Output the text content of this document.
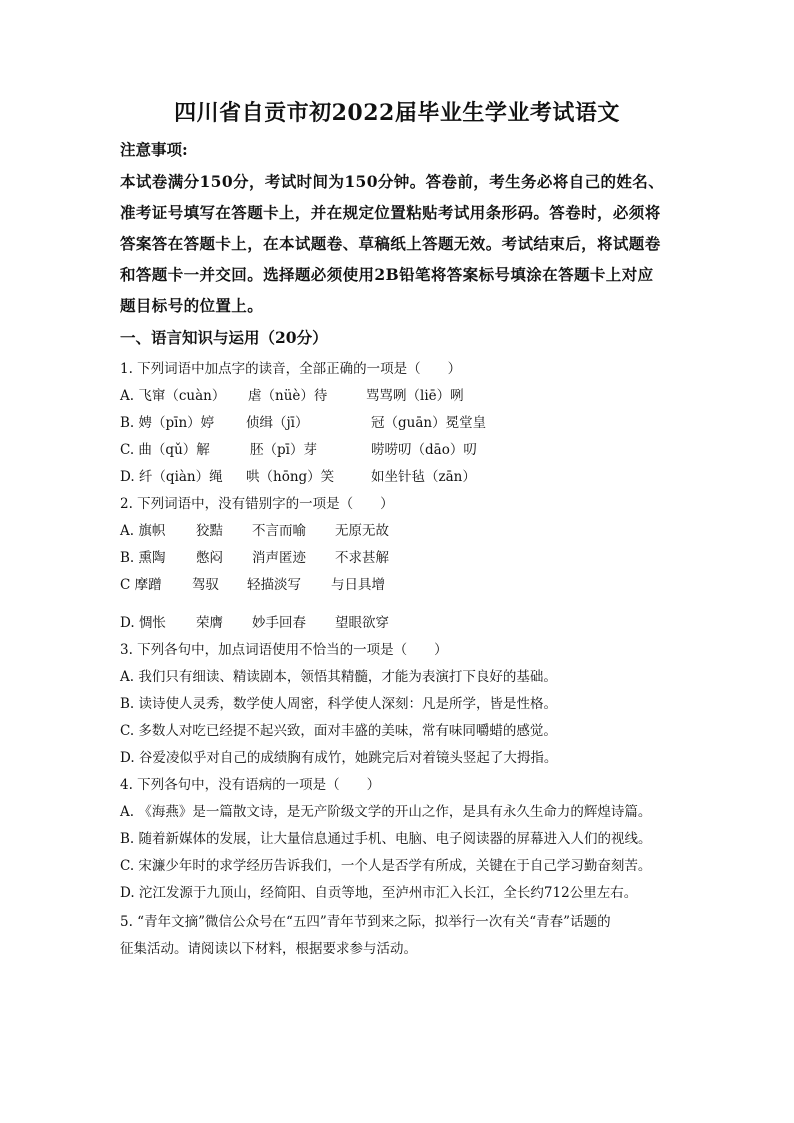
四川省自贡市初2022届毕业生学业考试语文
注意事项:
本试卷满分150分，考试时间为150分钟。答卷前，考生务必将自己的姓名、
准考证号填写在答题卡上，并在规定位置粘贴考试用条形码。答卷时，必须将
答案答在答题卡上，在本试题卷、草稿纸上答题无效。考试结束后，将试题卷
和答题卡一并交回。选择题必须使用2B铅笔将答案标号填涂在答题卡上对应
题目标号的位置上。
一、语言知识与运用（20分）
1. 下列词语中加点字的读音，全部正确的一项是（　　）
A. 飞窜（cuàn） 虐（nüè）待	骂骂咧（liē）咧
B. 娉（pīn）婷 侦缉（jī）	冠（guān）冕堂皇
C. 曲（qǔ）解	胚（pī）芽	唠唠叨（dāo）叨
D. 纤（qiàn）绳 哄（hōng）笑	如坐针毡（zān）
2. 下列词语中，没有错别字的一项是（　　）
A. 旗帜 狡黠 不言而喻 无原无故
B. 熏陶 憋闷 消声匿迹 不求甚解
C 摩蹭 驾驭 轻描淡写 与日具增
D. 惆怅 荣膺 妙手回春 望眼欲穿
3. 下列各句中，加点词语使用不恰当的一项是（　　）
A. 我们只有细读、精读剧本，领悟其精髓，才能为表演打下良好的基础。
B. 读诗使人灵秀，数学使人周密，科学使人深刻：凡是所学，皆是性格。
C. 多数人对吃已经提不起兴致，面对丰盛的美味，常有味同嚼蜡的感觉。
D. 谷爱凌似乎对自己的成绩胸有成竹，她跳完后对着镜头竖起了大拇指。
4. 下列各句中，没有语病的一项是（　　）
A. 《海燕》是一篇散文诗，是无产阶级文学的开山之作，是具有永久生命力的辉煌诗篇。
B. 随着新媒体的发展，让大量信息通过手机、电脑、电子阅读器的屏幕进入人们的视线。
C. 宋濂少年时的求学经历告诉我们，一个人是否学有所成，关键在于自己学习勤奋刻苦。
D. 沱江发源于九顶山，经简阳、自贡等地，至泸州市汇入长江，全长约712公里左右。
5. “青年文摘”微信公众号在“五四”青年节到来之际，拟举行一次有关“青春”话题的
征集活动。请阅读以下材料，根据要求参与活动。
